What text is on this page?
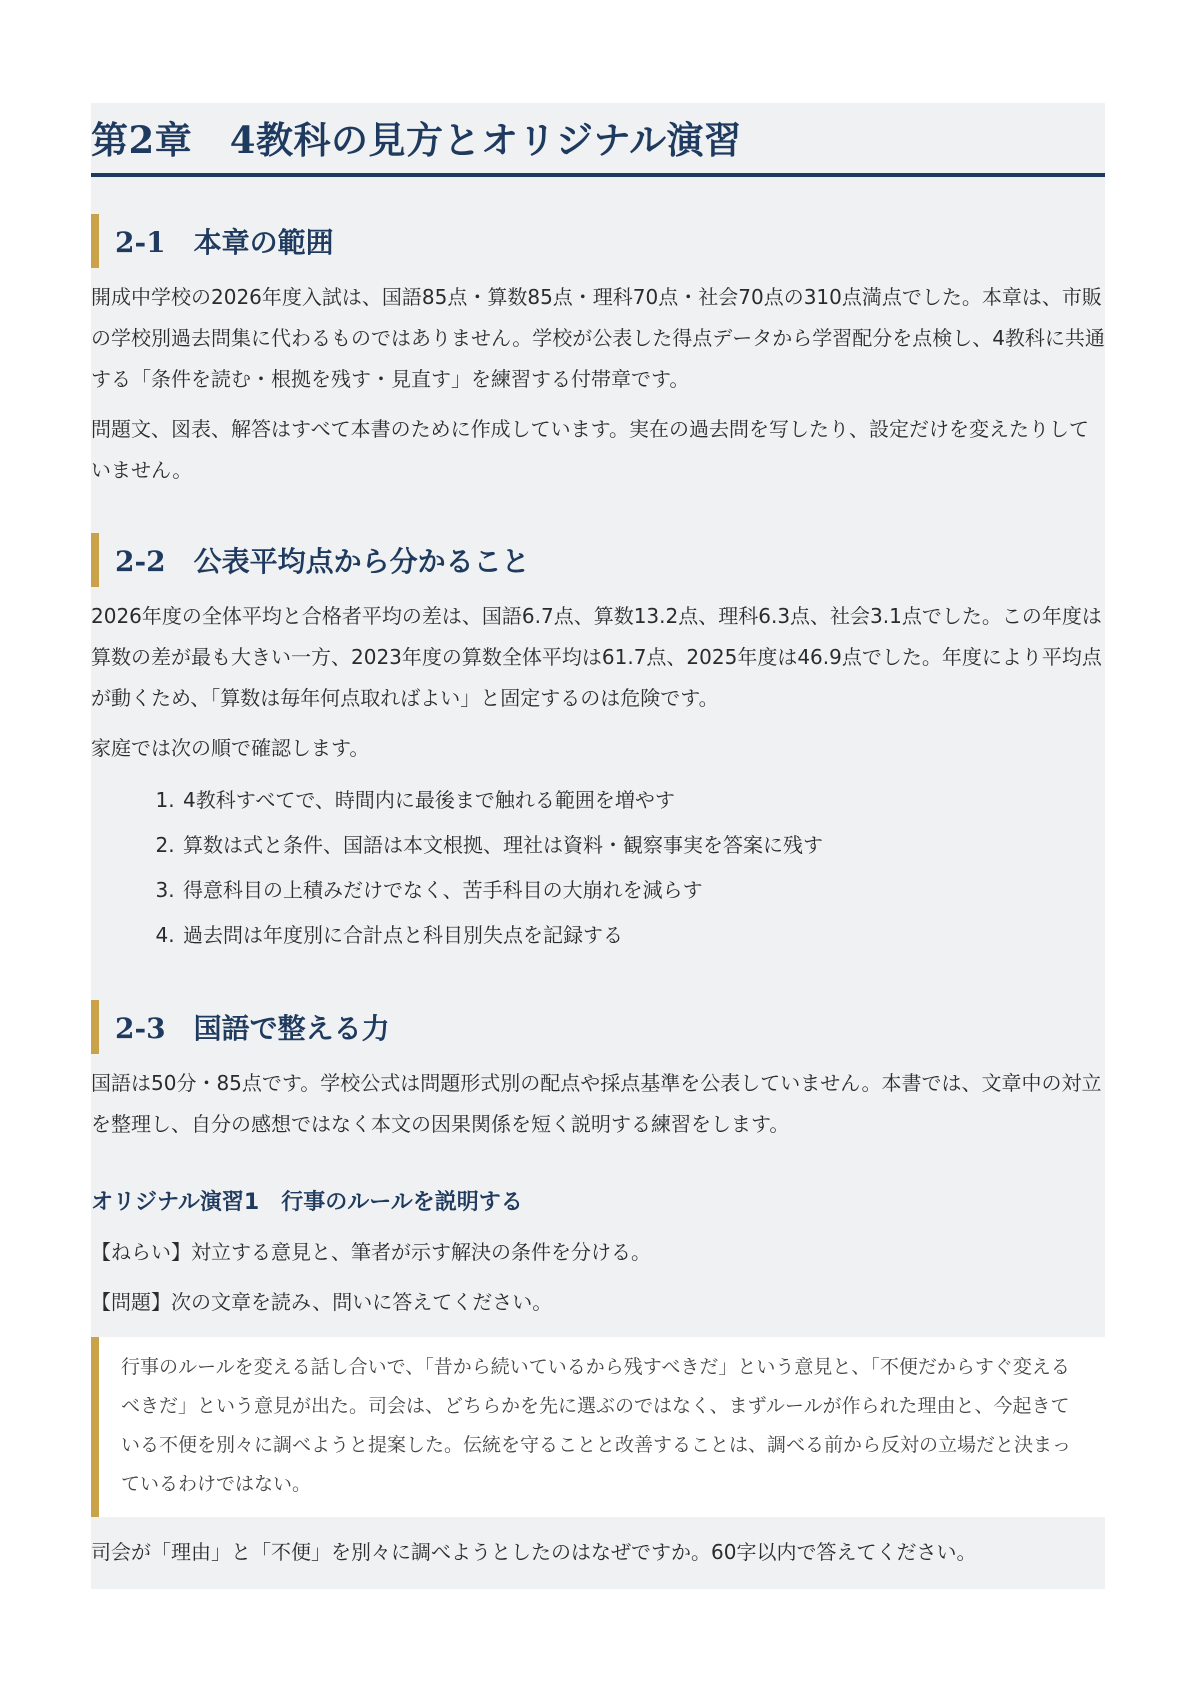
第2章　4教科の見方とオリジナル演習
2-1　本章の範囲

開成中学校の2026年度入試は、国語85点・算数85点・理科70点・社会70点の310点満点でした。本章は、市販の学校別過去問集に代わるものではありません。学校が公表した得点データから学習配分を点検し、4教科に共通する「条件を読む・根拠を残す・見直す」を練習する付帯章です。

問題文、図表、解答はすべて本書のために作成しています。実在の過去問を写したり、設定だけを変えたりしていません。

2-2　公表平均点から分かること

2026年度の全体平均と合格者平均の差は、国語6.7点、算数13.2点、理科6.3点、社会3.1点でした。この年度は算数の差が最も大きい一方、2023年度の算数全体平均は61.7点、2025年度は46.9点でした。年度により平均点が動くため、「算数は毎年何点取ればよい」と固定するのは危険です。

家庭では次の順で確認します。

1. 4教科すべてで、時間内に最後まで触れる範囲を増やす
2. 算数は式と条件、国語は本文根拠、理社は資料・観察事実を答案に残す
3. 得意科目の上積みだけでなく、苦手科目の大崩れを減らす
4. 過去問は年度別に合計点と科目別失点を記録する
2-3　国語で整える力

国語は50分・85点です。学校公式は問題形式別の配点や採点基準を公表していません。本書では、文章中の対立を整理し、自分の感想ではなく本文の因果関係を短く説明する練習をします。

オリジナル演習1　行事のルールを説明する

【ねらい】対立する意見と、筆者が示す解決の条件を分ける。

【問題】次の文章を読み、問いに答えてください。

行事のルールを変える話し合いで、「昔から続いているから残すべきだ」という意見と、「不便だからすぐ変えるべきだ」という意見が出た。司会は、どちらかを先に選ぶのではなく、まずルールが作られた理由と、今起きている不便を別々に調べようと提案した。伝統を守ることと改善することは、調べる前から反対の立場だと決まっているわけではない。

司会が「理由」と「不便」を別々に調べようとしたのはなぜですか。60字以内で答えてください。
